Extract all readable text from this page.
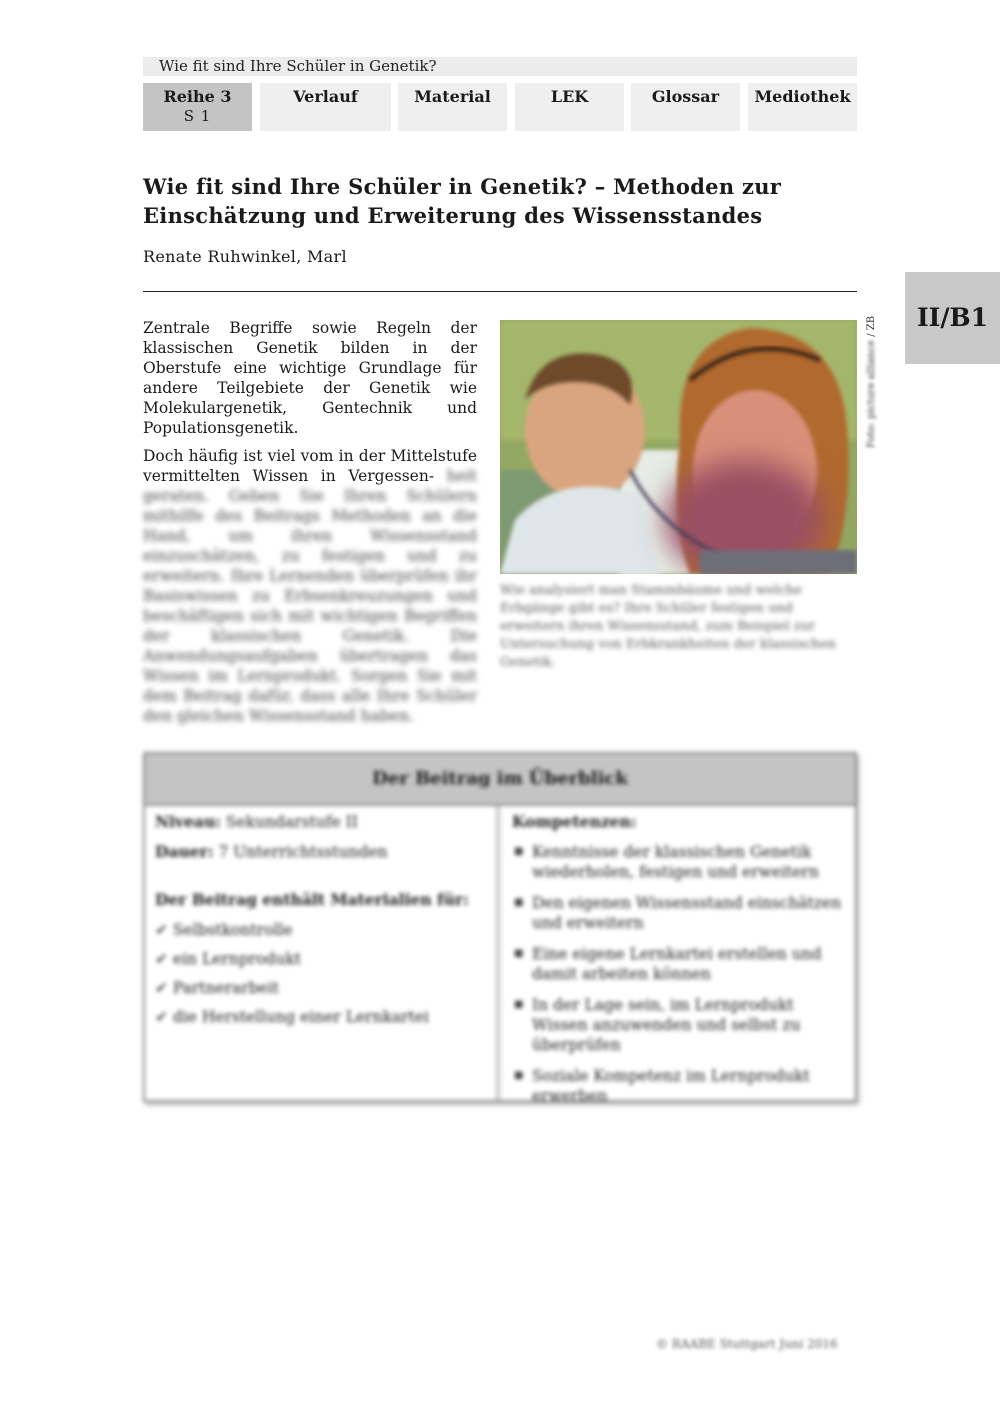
Wie fit sind Ihre Schüler in Genetik?
Reihe 3
S 1
Verlauf	Material	LEK	Glossar	Mediothek
II/B1
Wie fit sind Ihre Schüler in Genetik? – Methoden zur
Einschätzung und Erweiterung des Wissensstandes
Renate Ruhwinkel, Marl

Zentrale Begriffe sowie Regeln der klassischen Genetik bilden in der Oberstufe eine wichtige Grundlage für andere Teilgebiete der Genetik wie Molekulargenetik, Gentechnik und Populationsgenetik.

Doch häufig ist viel vom in der Mittelstufe vermittelten Wissen in Vergessen- heit geraten. Geben Sie Ihren Schülern mithilfe des Beitrags Methoden an die Hand, um ihren Wissensstand einzuschätzen, zu festigen und zu erweitern. Ihre Lernenden überprüfen ihr Basiswissen zu Erbsenkreuzungen und beschäftigen sich mit wichtigen Begriffen der klassischen Genetik. Die Anwendungsaufgaben übertragen das Wissen im Lernprodukt. Sorgen Sie mit dem Beitrag dafür, dass alle Ihre Schüler den gleichen Wissensstand haben.

Foto: picture alliance / ZB
Wie analysiert man Stammbäume und welche Erbgänge gibt es? Ihre Schüler festigen und erweitern ihren Wissensstand, zum Beispiel zur Untersuchung von Erbkrankheiten der klassischen Genetik.
Der Beitrag im Überblick
Niveau: Sekundarstufe II
Dauer: 7 Unterrichtsstunden
Der Beitrag enthält Materialien für:
✔ Selbstkontrolle
✔ ein Lernprodukt
✔ Partnerarbeit
✔ die Herstellung einer Lernkartei
Kompetenzen:
■ Kenntnisse der klassischen Genetik wiederholen, festigen und erweitern
■ Den eigenen Wissensstand einschätzen und erweitern
■ Eine eigene Lernkartei erstellen und damit arbeiten können
■ In der Lage sein, im Lernprodukt Wissen anzuwenden und selbst zu überprüfen
■ Soziale Kompetenz im Lernprodukt erwerben
© RAABE Stuttgart Juni 2016
